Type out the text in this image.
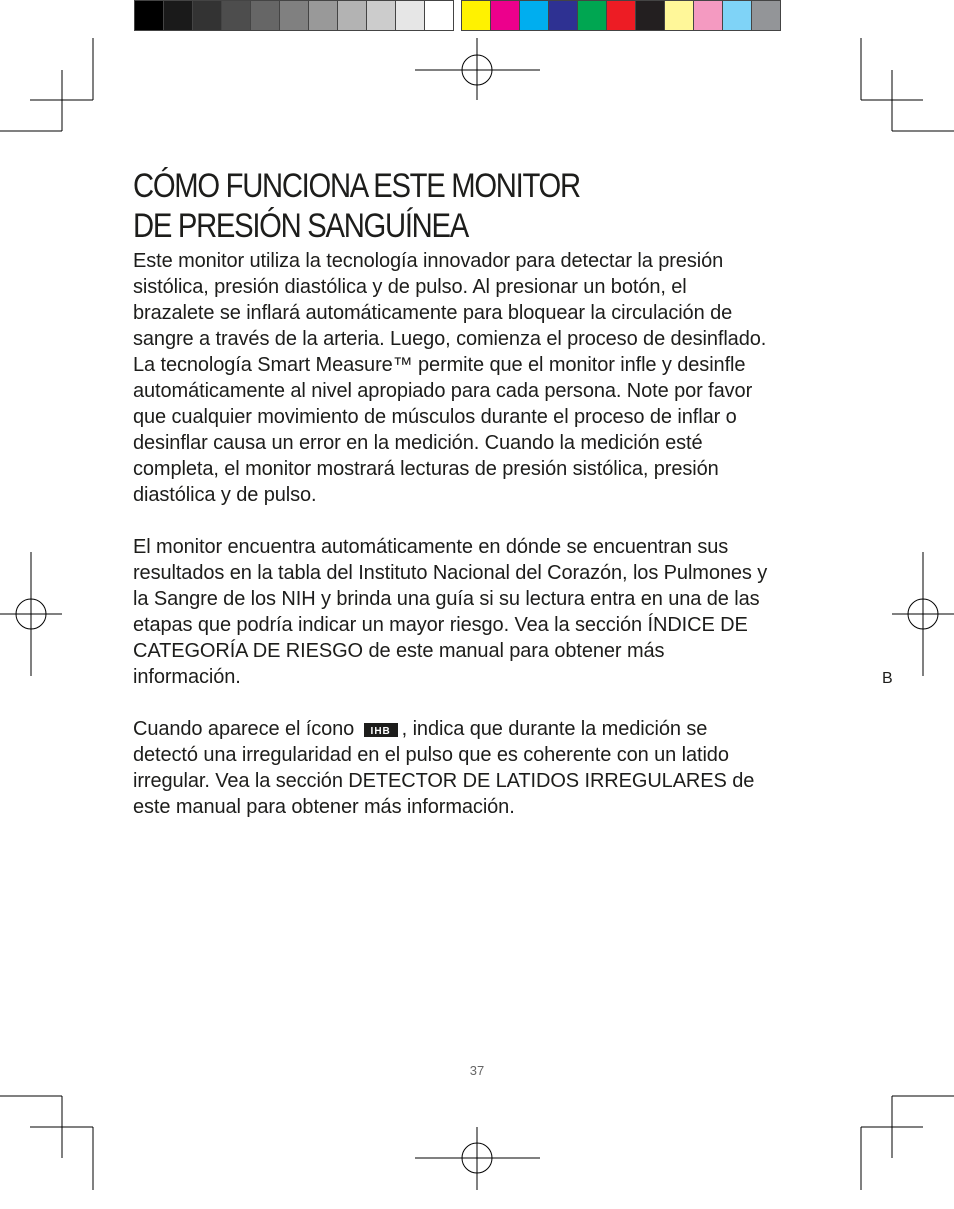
CÓMO FUNCIONA ESTE MONITOR
DE PRESIÓN SANGUÍNEA

Este monitor utiliza la tecnología innovador para detectar la presión sistólica, presión diastólica y de pulso. Al presionar un botón, el brazalete se inflará automáticamente para bloquear la circulación de sangre a través de la arteria. Luego, comienza el proceso de desinflado. La tecnología Smart Measure™ permite que el monitor infle y desinfle automáticamente al nivel apropiado para cada persona. Note por favor que cualquier movimiento de músculos durante el proceso de inflar o desinflar causa un error en la medición. Cuando la medición esté completa, el monitor mostrará lecturas de presión sistólica, presión diastólica y de pulso.

El monitor encuentra automáticamente en dónde se encuentran sus resultados en la tabla del Instituto Nacional del Corazón, los Pulmones y la Sangre de los NIH y brinda una guía si su lectura entra en una de las etapas que podría indicar un mayor riesgo. Vea la sección ÍNDICE DE CATEGORÍA DE RIESGO de este manual para obtener más información.

Cuando aparece el ícono IHB , indica que durante la medición se detectó una irregularidad en el pulso que es coherente con un latido irregular. Vea la sección DETECTOR DE LATIDOS IRREGULARES de este manual para obtener más información.

B
37
